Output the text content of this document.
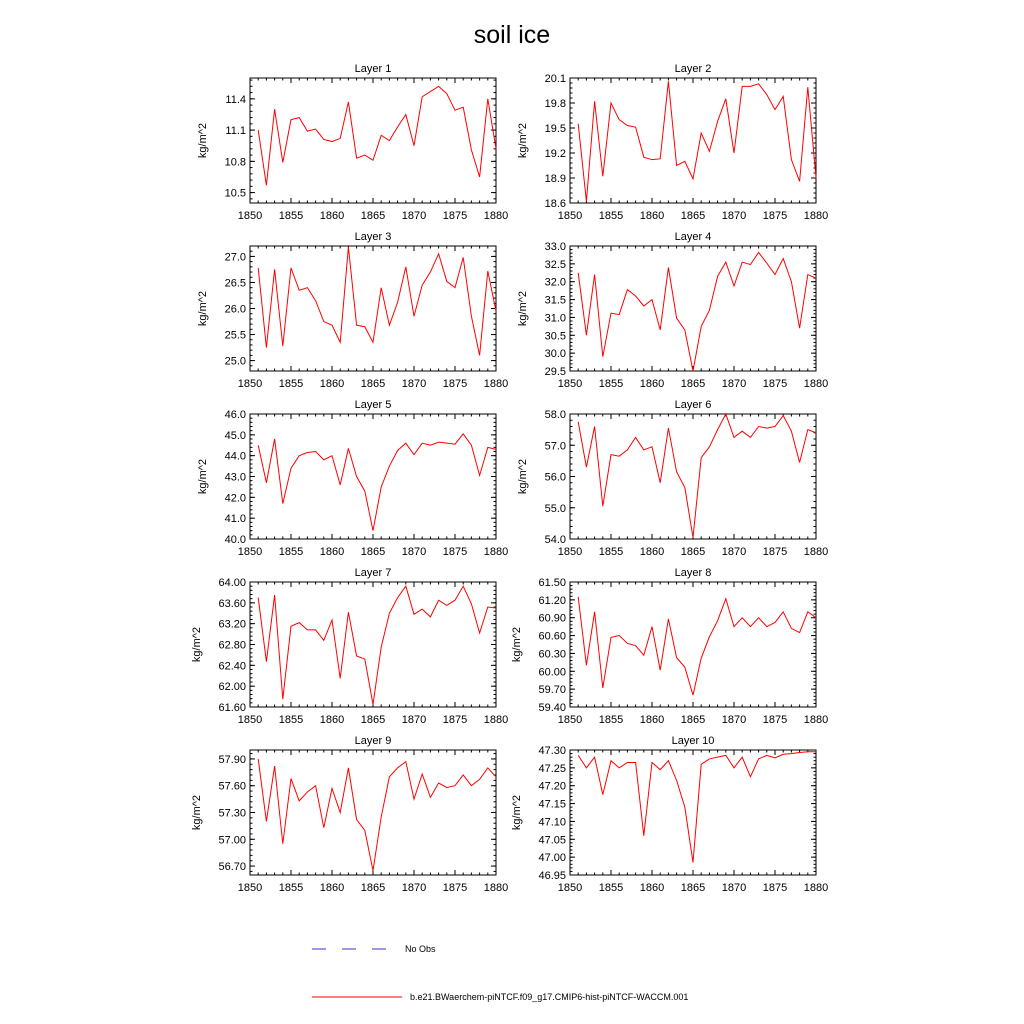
soil ice
Layer 1
1850 1855 1860 1865 1870 1875 1880
10.5
10.8
11.1
11.4
kg/m^2
Layer 2
1850 1855 1860 1865 1870 1875 1880
18.6
18.9
19.2
19.5
19.8
20.1
kg/m^2
Layer 3
1850 1855 1860 1865 1870 1875 1880
25.0
25.5
26.0
26.5
27.0
kg/m^2
Layer 4
1850 1855 1860 1865 1870 1875 1880
29.5
30.0
30.5
31.0
31.5
32.0
32.5
33.0
kg/m^2
Layer 5
1850 1855 1860 1865 1870 1875 1880
40.0
41.0
42.0
43.0
44.0
45.0
46.0
kg/m^2
Layer 6
1850 1855 1860 1865 1870 1875 1880
54.0
55.0
56.0
57.0
58.0
kg/m^2
Layer 7
1850 1855 1860 1865 1870 1875 1880
61.60
62.00
62.40
62.80
63.20
63.60
64.00
kg/m^2
Layer 8
1850 1855 1860 1865 1870 1875 1880
59.40
59.70
60.00
60.30
60.60
60.90
61.20
61.50
kg/m^2
Layer 9
1850 1855 1860 1865 1870 1875 1880
56.70
57.00
57.30
57.60
57.90
kg/m^2
Layer 10
1850 1855 1860 1865 1870 1875 1880
46.95
47.00
47.05
47.10
47.15
47.20
47.25
47.30
kg/m^2
No Obs
b.e21.BWaerchem-piNTCF.f09_g17.CMIP6-hist-piNTCF-WACCM.001
